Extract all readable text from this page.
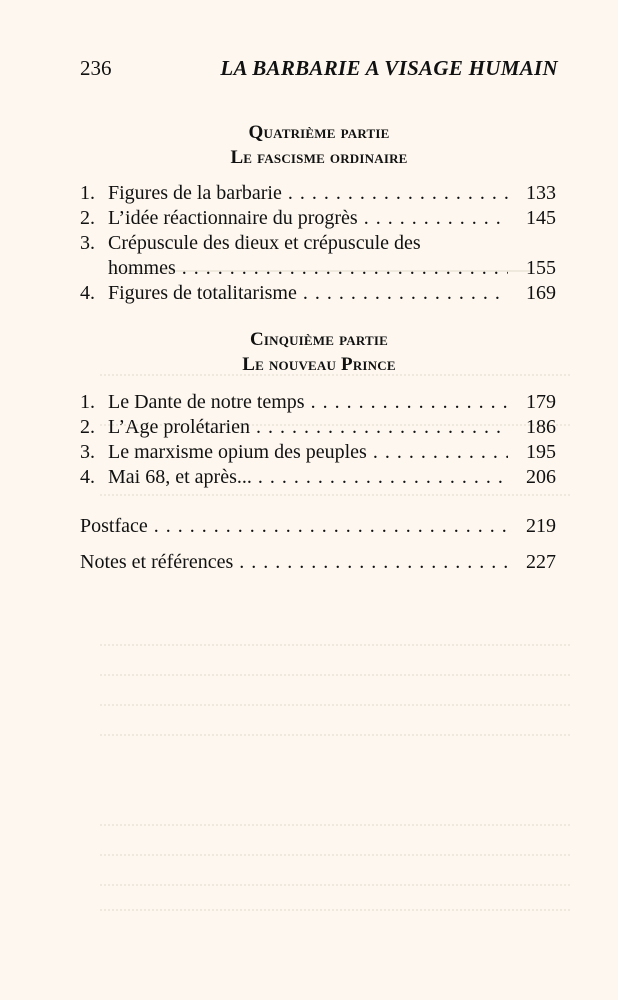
236	LA BARBARIE A VISAGE HUMAIN
Quatrième partie
Le fascisme ordinaire
1. Figures de la barbarie . . .	133
2. L’idée réactionnaire du progrès . . .	145
3. Crépuscule des dieux et crépuscule des
hommes . . .	155
4. Figures de totalitarisme . . .	169
Cinquième partie
Le nouveau Prince
1. Le Dante de notre temps . . .	179
2. L’Age prolétarien . . .	186
3. Le marxisme opium des peuples . . .	195
4. Mai 68, et après... . . .	206
Postface . . .	219
Notes et références . . .	227
